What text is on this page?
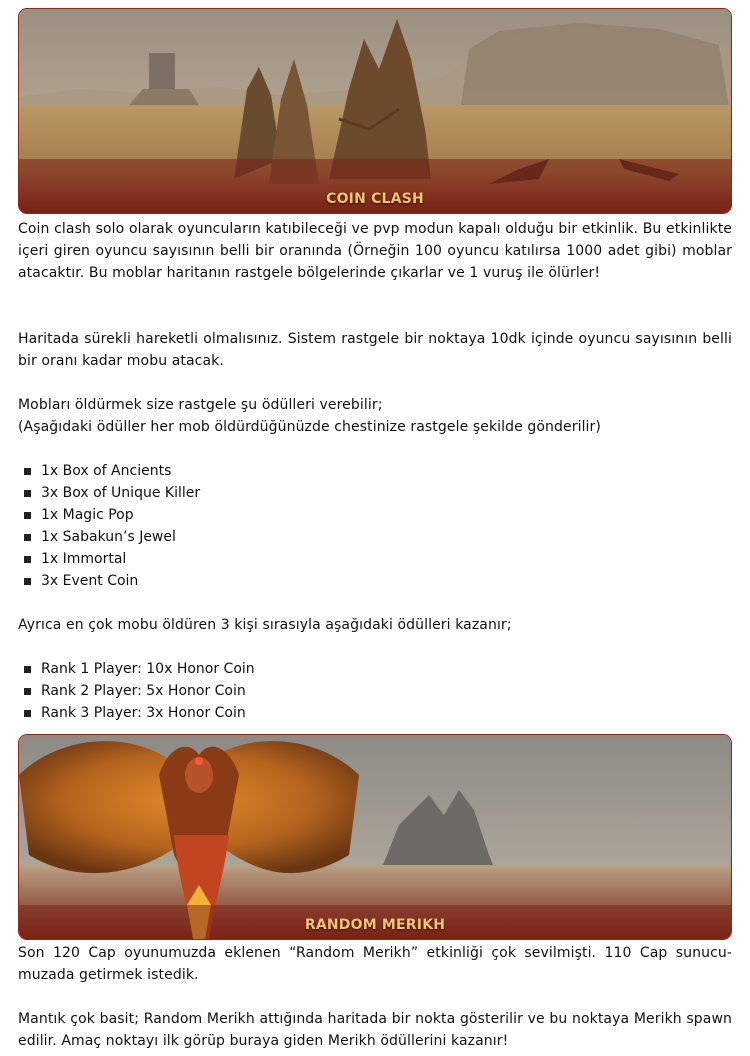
COIN CLASH

Coin clash solo olarak oyuncuların katıbileceği ve pvp modun kapalı olduğu bir etkinlik. Bu etkinlikte içeri giren oyuncu sayısının belli bir oranında (Örneğin 100 oyuncu katılırsa 1000 adet gibi) moblar atacaktır. Bu moblar haritanın rastgele bölgelerinde çıkarlar ve 1 vuruş ile ölürler!

Haritada sürekli hareketli olmalısınız. Sistem rastgele bir noktaya 10dk içinde oyuncu sayısının belli bir oranı kadar mobu atacak.

Mobları öldürmek size rastgele şu ödülleri verebilir;
(Aşağıdaki ödüller her mob öldürdüğünüzde chestinize rastgele şekilde gönderilir)

1x Box of Ancients
3x Box of Unique Killer
1x Magic Pop
1x Sabakun’s Jewel
1x Immortal
3x Event Coin

Ayrıca en çok mobu öldüren 3 kişi sırasıyla aşağıdaki ödülleri kazanır;

Rank 1 Player: 10x Honor Coin
Rank 2 Player: 5x Honor Coin
Rank 3 Player: 3x Honor Coin
RANDOM MERIKH

Son 120 Cap oyunumuzda eklenen “Random Merikh” etkinliği çok sevilmişti. 110 Cap sunucu-muzada getirmek istedik.

Mantık çok basit; Random Merikh attığında haritada bir nokta gösterilir ve bu noktaya Merikh spawn edilir. Amaç noktayı ilk görüp buraya giden Merikh ödüllerini kazanır!
